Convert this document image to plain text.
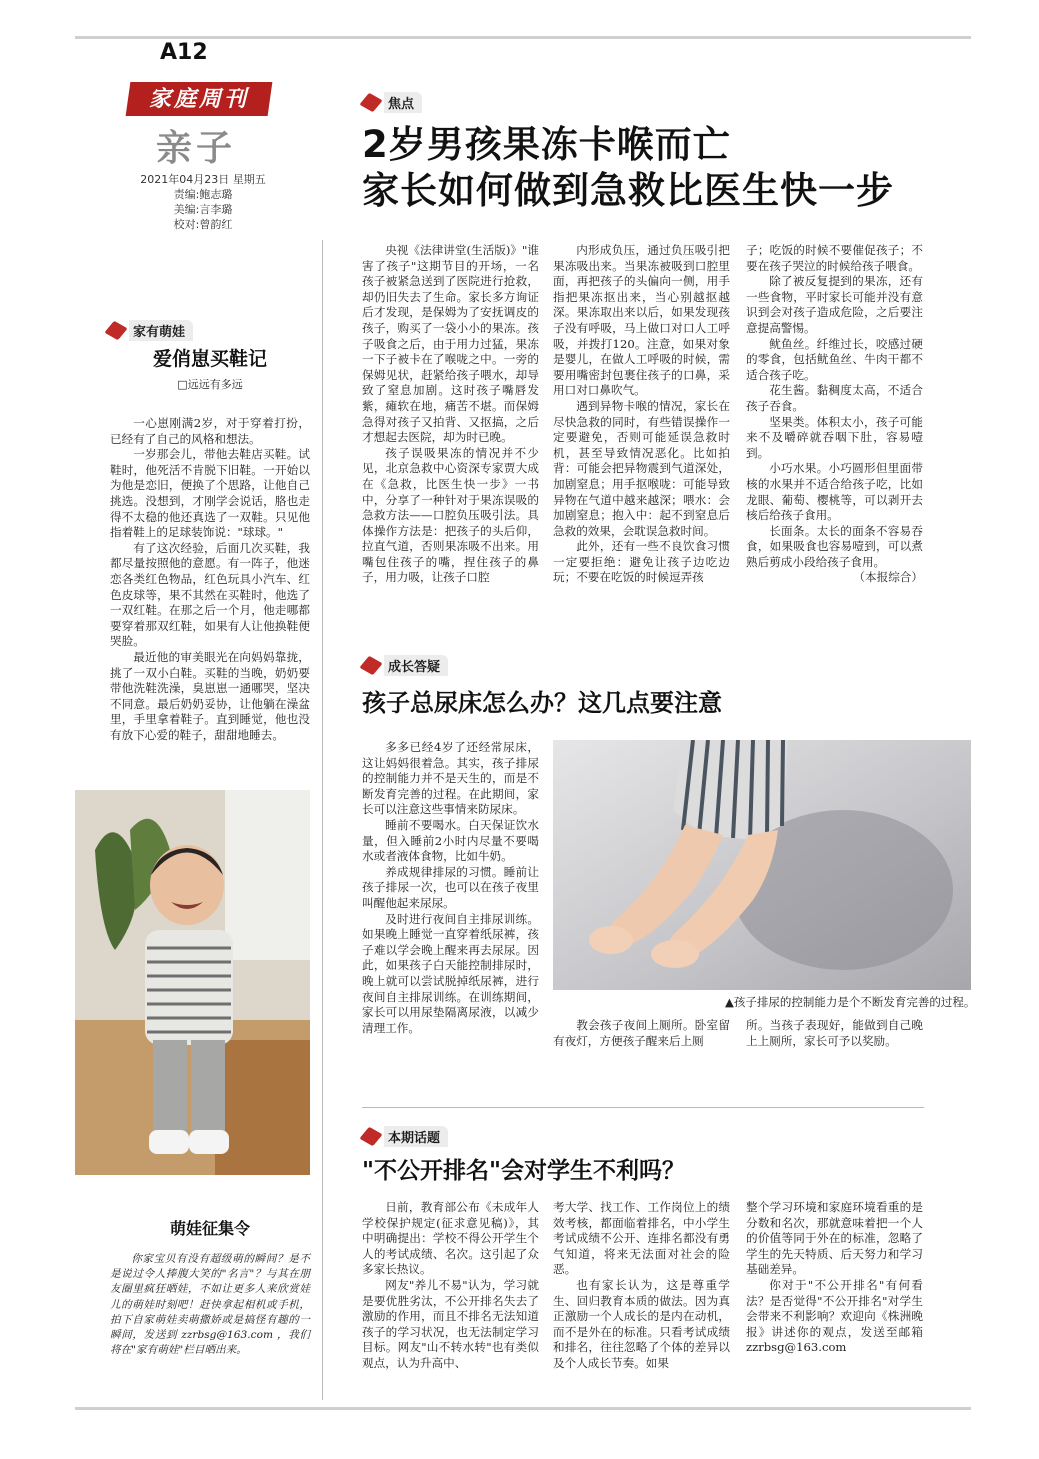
A12
家庭周刊
亲子
2021年04月23日 星期五
责编:鲍志璐
美编:言李璐
校对:曾韵红
焦点
2岁男孩果冻卡喉而亡
家长如何做到急救比医生快一步

央视《法律讲堂(生活版)》"谁害了孩子"这期节目的开场，一名孩子被紧急送到了医院进行抢救，却仍旧失去了生命。家长多方询证后才发现，是保姆为了安抚调皮的孩子，购买了一袋小小的果冻。孩子吸食之后，由于用力过猛，果冻一下子被卡在了喉咙之中。一旁的保姆见状，赶紧给孩子喂水，却导致了窒息加剧。这时孩子嘴唇发紫，瘫软在地，痛苦不堪。而保姆急得对孩子又拍背、又抠搞，之后才想起去医院，却为时已晚。

孩子误吸果冻的情况并不少见，北京急救中心资深专家贾大成在《急救，比医生快一步》一书中，分享了一种针对于果冻误吸的急救方法——口腔负压吸引法。具体操作方法是：把孩子的头后仰，拉直气道，否则果冻吸不出来。用嘴包住孩子的嘴，捏住孩子的鼻子，用力吸，让孩子口腔

内形成负压，通过负压吸引把果冻吸出来。当果冻被吸到口腔里面，再把孩子的头偏向一侧，用手指把果冻抠出来，当心别越抠越深。果冻取出来以后，如果发现孩子没有呼吸，马上做口对口人工呼吸，并拨打120。注意，如果对象是婴儿，在做人工呼吸的时候，需要用嘴密封包裹住孩子的口鼻，采用口对口鼻吹气。

遇到异物卡喉的情况，家长在尽快急救的同时，有些错误操作一定要避免，否则可能延误急救时机，甚至导致情况恶化。比如拍背：可能会把异物震到气道深处，加剧窒息；用手抠喉咙：可能导致异物在气道中越来越深；喂水：会加剧窒息；抱入中：起不到窒息后急救的效果，会耽误急救时间。

此外，还有一些不良饮食习惯一定要拒绝：避免让孩子边吃边玩；不要在吃饭的时候逗弄孩

子；吃饭的时候不要催促孩子；不要在孩子哭泣的时候给孩子喂食。

除了被反复提到的果冻，还有一些食物，平时家长可能并没有意识到会对孩子造成危险，之后要注意提高警惕。

鱿鱼丝。纤维过长，咬感过硬的零食，包括鱿鱼丝、牛肉干都不适合孩子吃。

花生酱。黏稠度太高，不适合孩子吞食。

坚果类。体积太小，孩子可能来不及嚼碎就吞咽下肚，容易噎到。

小巧水果。小巧圆形但里面带核的水果并不适合给孩子吃，比如龙眼、葡萄、樱桃等，可以剥开去核后给孩子食用。

长面条。太长的面条不容易吞食，如果吸食也容易噎到，可以煮熟后剪成小段给孩子食用。

（本报综合）
家有萌娃
爱俏崽买鞋记
□远远有多远

一心崽刚满2岁，对于穿着打扮，已经有了自己的风格和想法。

一岁那会儿，带他去鞋店买鞋。试鞋时，他死活不肯脱下旧鞋。一开始以为他是恋旧，便换了个思路，让他自己挑选。没想到，才刚学会说话，胳也走得不太稳的他还真选了一双鞋。只见他指着鞋上的足球装饰说："球球。"

有了这次经验，后面几次买鞋，我都尽量按照他的意愿。有一阵子，他迷恋各类红色物品，红色玩具小汽车、红色皮球等，果不其然在买鞋时，他选了一双红鞋。在那之后一个月，他走哪都要穿着那双红鞋，如果有人让他换鞋便哭脸。

最近他的审美眼光在向妈妈靠拢，挑了一双小白鞋。买鞋的当晚，奶奶要带他洗鞋洗澡，臭崽崽一通哪哭，坚决不同意。最后奶奶妥协，让他躺在澡盆里，手里拿着鞋子。直到睡觉，他也没有放下心爱的鞋子，甜甜地睡去。

萌娃征集令

你家宝贝有没有超级萌的瞬间？是不是说过令人捧腹大笑的"名言"？与其在朋友圈里疯狂晒娃，不如让更多人来欣赏娃儿的萌娃时刻吧！赶快拿起相机或手机，拍下自家萌娃卖萌撒娇或是搞怪有趣的一瞬间，发送到 zzrbsg@163.com ，我们将在"家有萌娃"栏目晒出来。

成长答疑
孩子总尿床怎么办？这几点要注意

多多已经4岁了还经常尿床，这让妈妈很着急。其实，孩子排尿的控制能力并不是天生的，而是不断发育完善的过程。在此期间，家长可以注意这些事情来防尿床。

睡前不要喝水。白天保证饮水量，但入睡前2小时内尽量不要喝水或者液体食物，比如牛奶。

养成规律排尿的习惯。睡前让孩子排尿一次，也可以在孩子夜里叫醒他起来尿尿。

及时进行夜间自主排尿训练。如果晚上睡觉一直穿着纸尿裤，孩子难以学会晚上醒来再去尿尿。因此，如果孩子白天能控制排尿时，晚上就可以尝试脱掉纸尿裤，进行夜间自主排尿训练。在训练期间，家长可以用尿垫隔离尿液，以减少清理工作。

▲孩子排尿的控制能力是个不断发育完善的过程。

教会孩子夜间上厕所。卧室留有夜灯，方便孩子醒来后上厕

所。当孩子表现好，能做到自己晚上上厕所，家长可予以奖励。

本期话题
"不公开排名"会对学生不利吗？

日前，教育部公布《未成年人学校保护规定(征求意见稿)》，其中明确提出：学校不得公开学生个人的考试成绩、名次。这引起了众多家长热议。

网友"养儿不易"认为，学习就是要优胜劣汰，不公开排名失去了激励的作用，而且不排名无法知道孩子的学习状况，也无法制定学习目标。网友"山不转水转"也有类似观点，认为升高中、

考大学、找工作、工作岗位上的绩效考核，都面临着排名，中小学生考试成绩不公开、连排名都没有勇气知道，将来无法面对社会的险恶。

也有家长认为，这是尊重学生、回归教育本质的做法。因为真正激励一个人成长的是内在动机，而不是外在的标准。只看考试成绩和排名，往往忽略了个体的差异以及个人成长节奏。如果

整个学习环境和家庭环境看重的是分数和名次，那就意味着把一个人的价值等同于外在的标准，忽略了学生的先天特质、后天努力和学习基础差异。

你对于"不公开排名"有何看法？是否觉得"不公开排名"对学生会带来不利影响？欢迎向《株洲晚报》讲述你的观点，发送至邮箱zzrbsg@163.com
